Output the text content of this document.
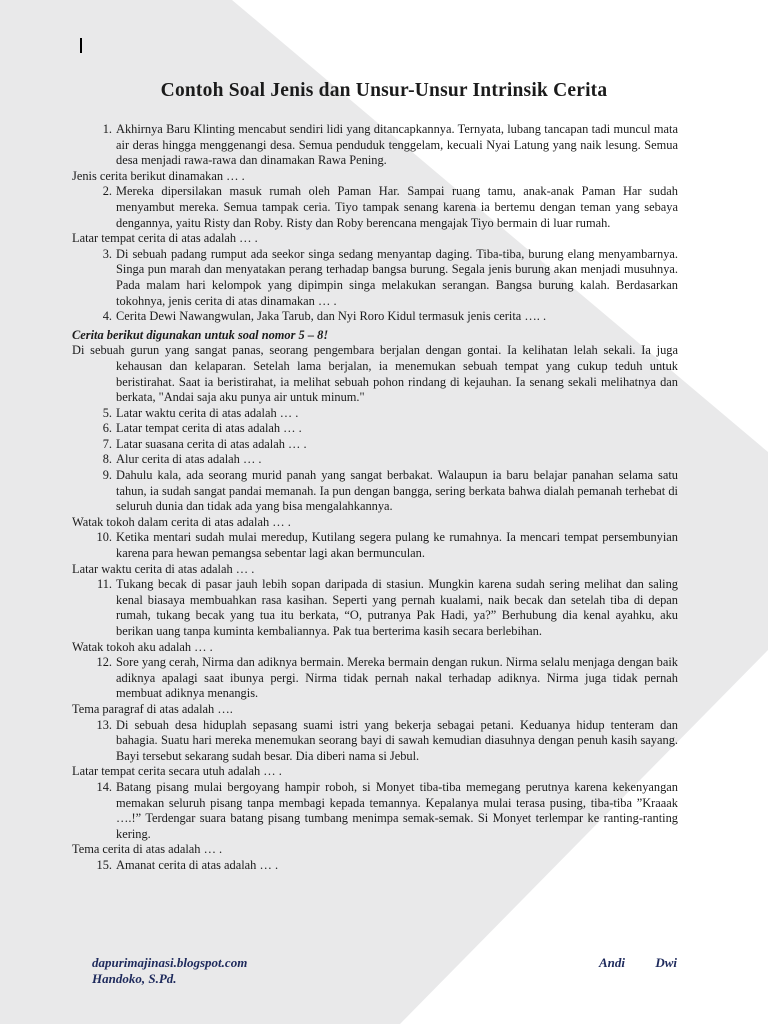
Contoh Soal Jenis dan Unsur-Unsur Intrinsik Cerita
1. Akhirnya Baru Klinting mencabut sendiri lidi yang ditancapkannya. Ternyata, lubang tancapan tadi muncul mata air deras hingga menggenangi desa. Semua penduduk tenggelam, kecuali Nyai Latung yang naik lesung. Semua desa menjadi rawa-rawa dan dinamakan Rawa Pening.

Jenis cerita berikut dinamakan … .

2. Mereka dipersilakan masuk rumah oleh Paman Har. Sampai ruang tamu, anak-anak Paman Har sudah menyambut mereka. Semua tampak ceria. Tiyo tampak senang karena ia bertemu dengan teman yang sebaya dengannya, yaitu Risty dan Roby. Risty dan Roby berencana mengajak Tiyo bermain di luar rumah.

Latar tempat cerita di atas adalah … .

3. Di sebuah padang rumput ada seekor singa sedang menyantap daging. Tiba-tiba, burung elang menyambarnya. Singa pun marah dan menyatakan perang terhadap bangsa burung. Segala jenis burung akan menjadi musuhnya. Pada malam hari kelompok yang dipimpin singa melakukan serangan. Bangsa burung kalah. Berdasarkan tokohnya, jenis cerita di atas dinamakan … .
4. Cerita Dewi Nawangwulan, Jaka Tarub, dan Nyi Roro Kidul termasuk jenis cerita …. .

Cerita berikut digunakan untuk soal nomor 5 – 8!

Di sebuah gurun yang sangat panas, seorang pengembara berjalan dengan gontai. Ia kelihatan lelah sekali. Ia juga kehausan dan kelaparan. Setelah lama berjalan, ia menemukan sebuah tempat yang cukup teduh untuk beristirahat. Saat ia beristirahat, ia melihat sebuah pohon rindang di kejauhan. Ia senang sekali melihatnya dan berkata, "Andai saja aku punya air untuk minum."

5. Latar waktu cerita di atas adalah … .
6. Latar tempat cerita di atas adalah … .
7. Latar suasana cerita di atas adalah … .
8. Alur cerita di atas adalah … .
9. Dahulu kala, ada seorang murid panah yang sangat berbakat. Walaupun ia baru belajar panahan selama satu tahun, ia sudah sangat pandai memanah. Ia pun dengan bangga, sering berkata bahwa dialah pemanah terhebat di seluruh dunia dan tidak ada yang bisa mengalahkannya.

Watak tokoh dalam cerita di atas adalah … .

10. Ketika mentari sudah mulai meredup, Kutilang segera pulang ke rumahnya. Ia mencari tempat persembunyian karena para hewan pemangsa sebentar lagi akan bermunculan.

Latar waktu cerita di atas adalah … .

11. Tukang becak di pasar jauh lebih sopan daripada di stasiun. Mungkin karena sudah sering melihat dan saling kenal biasaya membuahkan rasa kasihan. Seperti yang pernah kualami, naik becak dan setelah tiba di depan rumah, tukang becak yang tua itu berkata, “O, putranya Pak Hadi, ya?” Berhubung dia kenal ayahku, aku berikan uang tanpa kuminta kembaliannya. Pak tua berterima kasih secara berlebihan.

Watak tokoh aku adalah … .

12. Sore yang cerah, Nirma dan adiknya bermain. Mereka bermain dengan rukun. Nirma selalu menjaga dengan baik adiknya apalagi saat ibunya pergi. Nirma tidak pernah nakal terhadap adiknya. Nirma juga tidak pernah membuat adiknya menangis.

Tema paragraf di atas adalah ….

13. Di sebuah desa hiduplah sepasang suami istri yang bekerja sebagai petani. Keduanya hidup tenteram dan bahagia. Suatu hari mereka menemukan seorang bayi di sawah kemudian diasuhnya dengan penuh kasih sayang. Bayi tersebut sekarang sudah besar. Dia diberi nama si Jebul.

Latar tempat cerita secara utuh adalah … .

14. Batang pisang mulai bergoyang hampir roboh, si Monyet tiba-tiba memegang perutnya karena kekenyangan memakan seluruh pisang tanpa membagi kepada temannya. Kepalanya mulai terasa pusing, tiba-tiba ”Kraaak ….!” Terdengar suara batang pisang tumbang menimpa semak-semak. Si Monyet terlempar ke ranting-ranting kering.

Tema cerita di atas adalah … .

15. Amanat cerita di atas adalah … .
dapurimajinasi.blogspot.com	Andi Dwi
Handoko, S.Pd.
